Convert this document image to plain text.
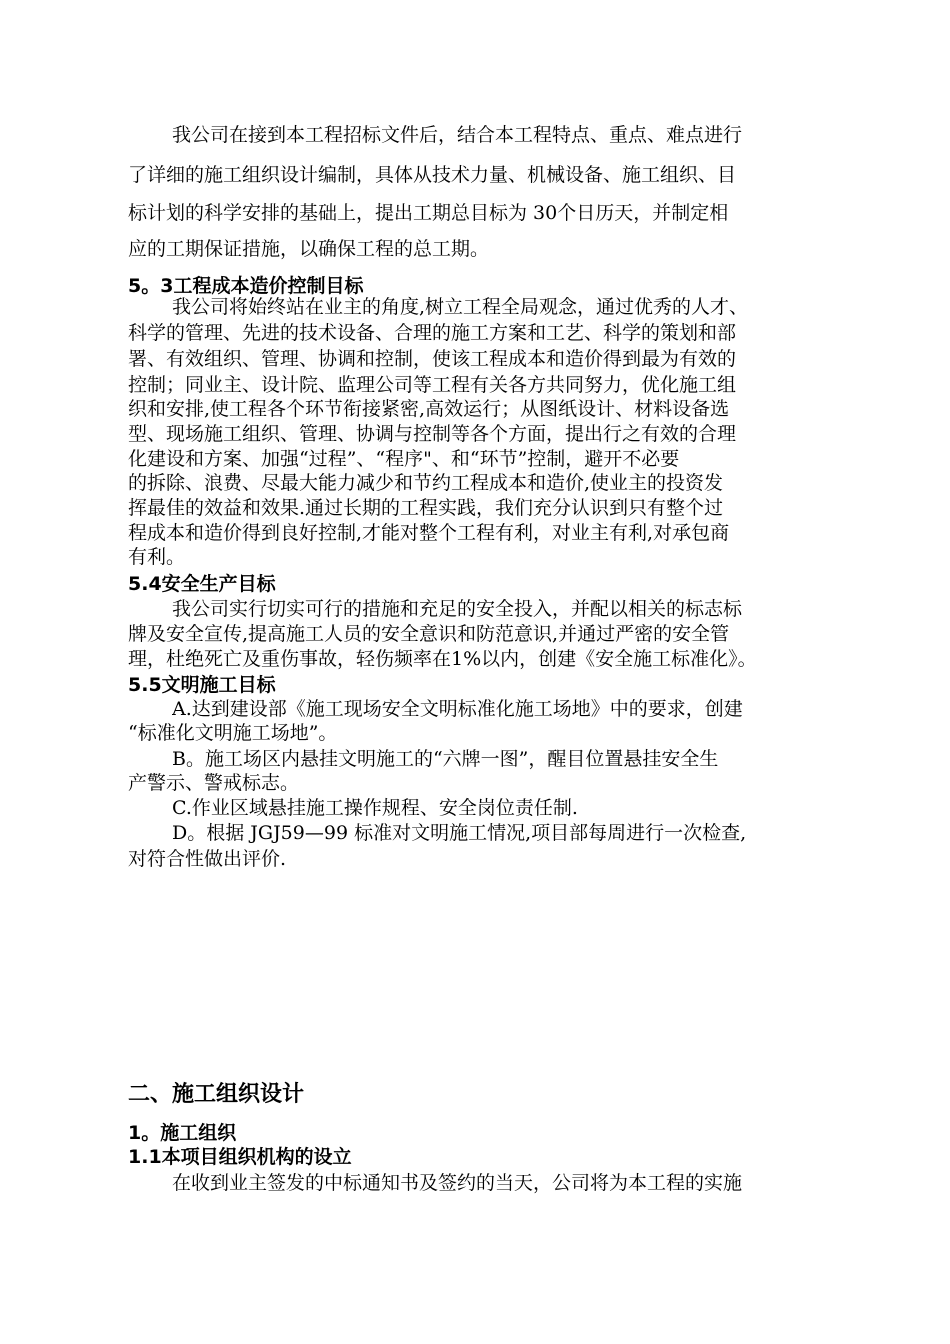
我公司在接到本工程招标文件后，结合本工程特点、重点、难点进行
了详细的施工组织设计编制，具体从技术力量、机械设备、施工组织、目
标计划的科学安排的基础上，提出工期总目标为 30个日历天，并制定相
应的工期保证措施，以确保工程的总工期。
5。3工程成本造价控制目标
我公司将始终站在业主的角度,树立工程全局观念，通过优秀的人才、
科学的管理、先进的技术设备、合理的施工方案和工艺、科学的策划和部
署、有效组织、管理、协调和控制，使该工程成本和造价得到最为有效的
控制；同业主、设计院、监理公司等工程有关各方共同努力，优化施工组
织和安排,使工程各个环节衔接紧密,高效运行；从图纸设计、材料设备选
型、现场施工组织、管理、协调与控制等各个方面，提出行之有效的合理
化建设和方案、加强“过程”、“程序"、和“环节”控制，避开不必要
的拆除、浪费、尽最大能力减少和节约工程成本和造价,使业主的投资发
挥最佳的效益和效果.通过长期的工程实践，我们充分认识到只有整个过
程成本和造价得到良好控制,才能对整个工程有利，对业主有利,对承包商
有利。
5.4安全生产目标
我公司实行切实可行的措施和充足的安全投入，并配以相关的标志标
牌及安全宣传,提高施工人员的安全意识和防范意识,并通过严密的安全管
理，杜绝死亡及重伤事故，轻伤频率在1%以内，创建《安全施工标准化》。
5.5文明施工目标
A.达到建设部《施工现场安全文明标准化施工场地》中的要求，创建
“标准化文明施工场地”。
B。施工场区内悬挂文明施工的“六牌一图”，醒目位置悬挂安全生
产警示、警戒标志。
C.作业区域悬挂施工操作规程、安全岗位责任制.
D。根据 JGJ59—99 标准对文明施工情况,项目部每周进行一次检查,
对符合性做出评价.
二、施工组织设计
1。施工组织
1.1本项目组织机构的设立
在收到业主签发的中标通知书及签约的当天，公司将为本工程的实施
